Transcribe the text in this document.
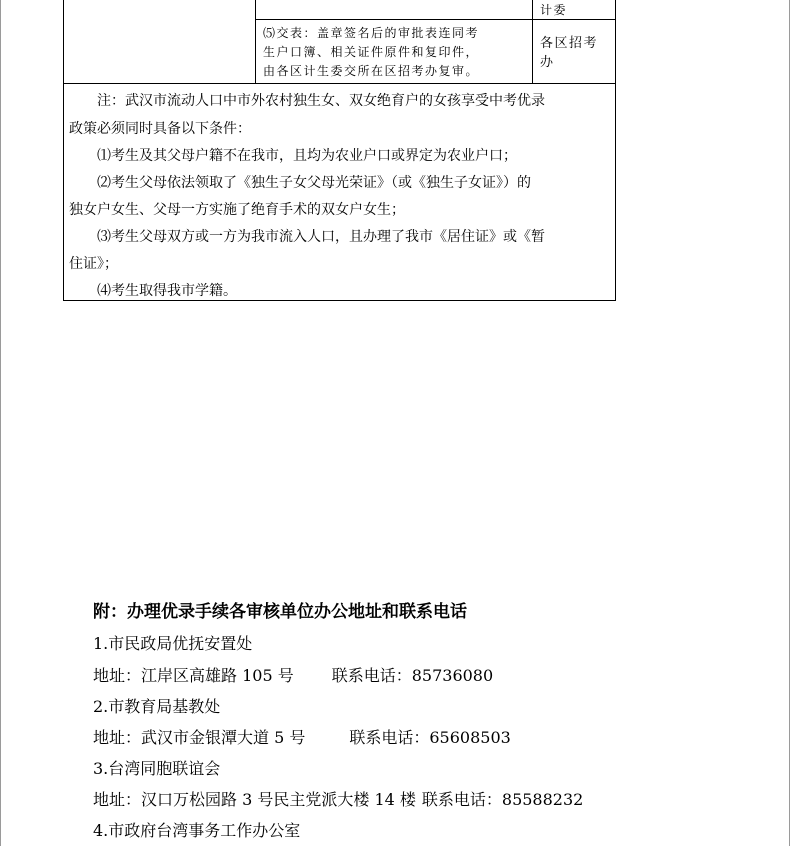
计委
⑸交表：盖章签名后的审批表连同考
生户口簿、相关证件原件和复印件，
由各区计生委交所在区招考办复审。
各区招考
办
注：武汉市流动人口中市外农村独生女、双女绝育户的女孩享受中考优录
政策必须同时具备以下条件：
⑴考生及其父母户籍不在我市，且均为农业户口或界定为农业户口；
⑵考生父母依法领取了《独生子女父母光荣证》（或《独生子女证》）的
独女户女生、父母一方实施了绝育手术的双女户女生；
⑶考生父母双方或一方为我市流入人口，且办理了我市《居住证》或《暂
住证》；
⑷考生取得我市学籍。
附：办理优录手续各审核单位办公地址和联系电话
1.市民政局优抚安置处
地址：江岸区高雄路 105 号 联系电话：85736080
2.市教育局基教处
地址：武汉市金银潭大道 5 号	联系电话：65608503
3.台湾同胞联谊会
地址：汉口万松园路 3 号民主党派大楼 14 楼 联系电话：85588232
4.市政府台湾事务工作办公室
